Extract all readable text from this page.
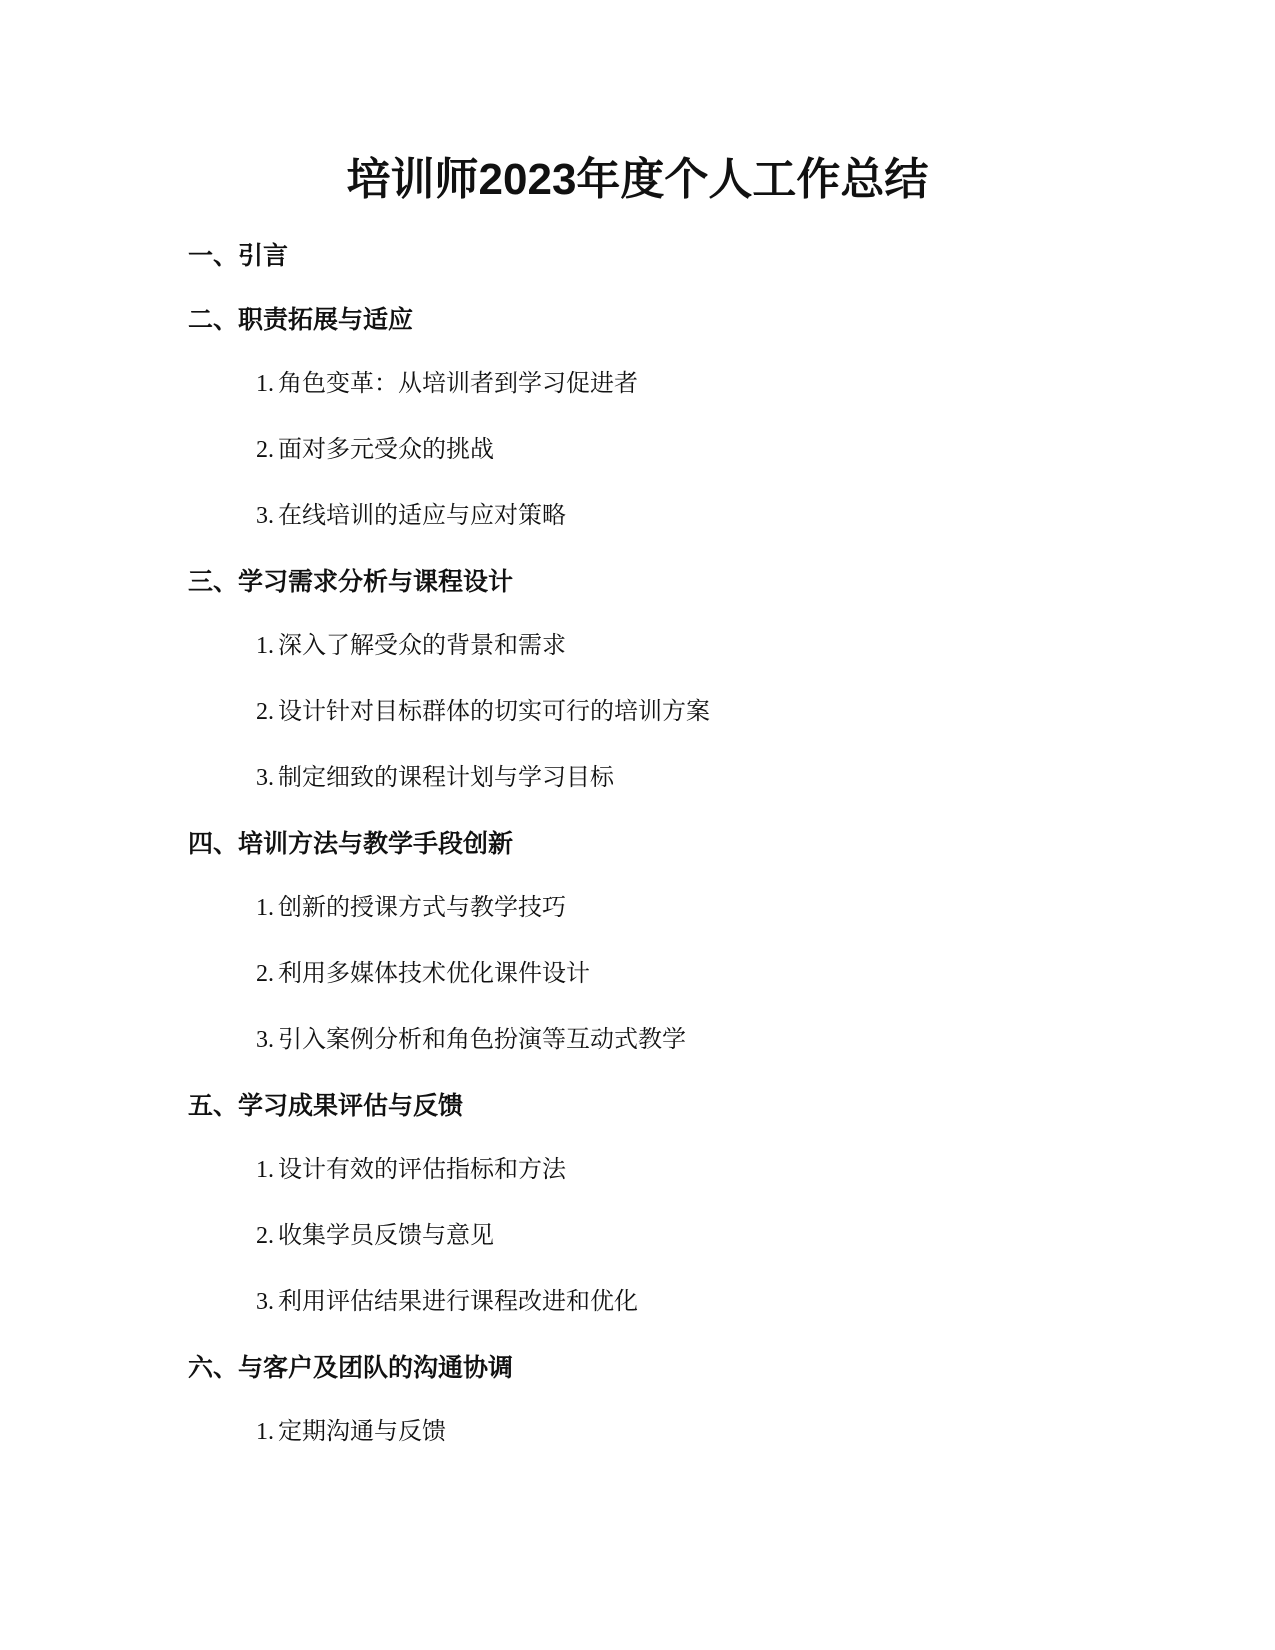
培训师2023年度个人工作总结
一、引言
二、职责拓展与适应
1. 角色变革：从培训者到学习促进者
2. 面对多元受众的挑战
3. 在线培训的适应与应对策略
三、学习需求分析与课程设计
1. 深入了解受众的背景和需求
2. 设计针对目标群体的切实可行的培训方案
3. 制定细致的课程计划与学习目标
四、培训方法与教学手段创新
1. 创新的授课方式与教学技巧
2. 利用多媒体技术优化课件设计
3. 引入案例分析和角色扮演等互动式教学
五、学习成果评估与反馈
1. 设计有效的评估指标和方法
2. 收集学员反馈与意见
3. 利用评估结果进行课程改进和优化
六、与客户及团队的沟通协调
1. 定期沟通与反馈
